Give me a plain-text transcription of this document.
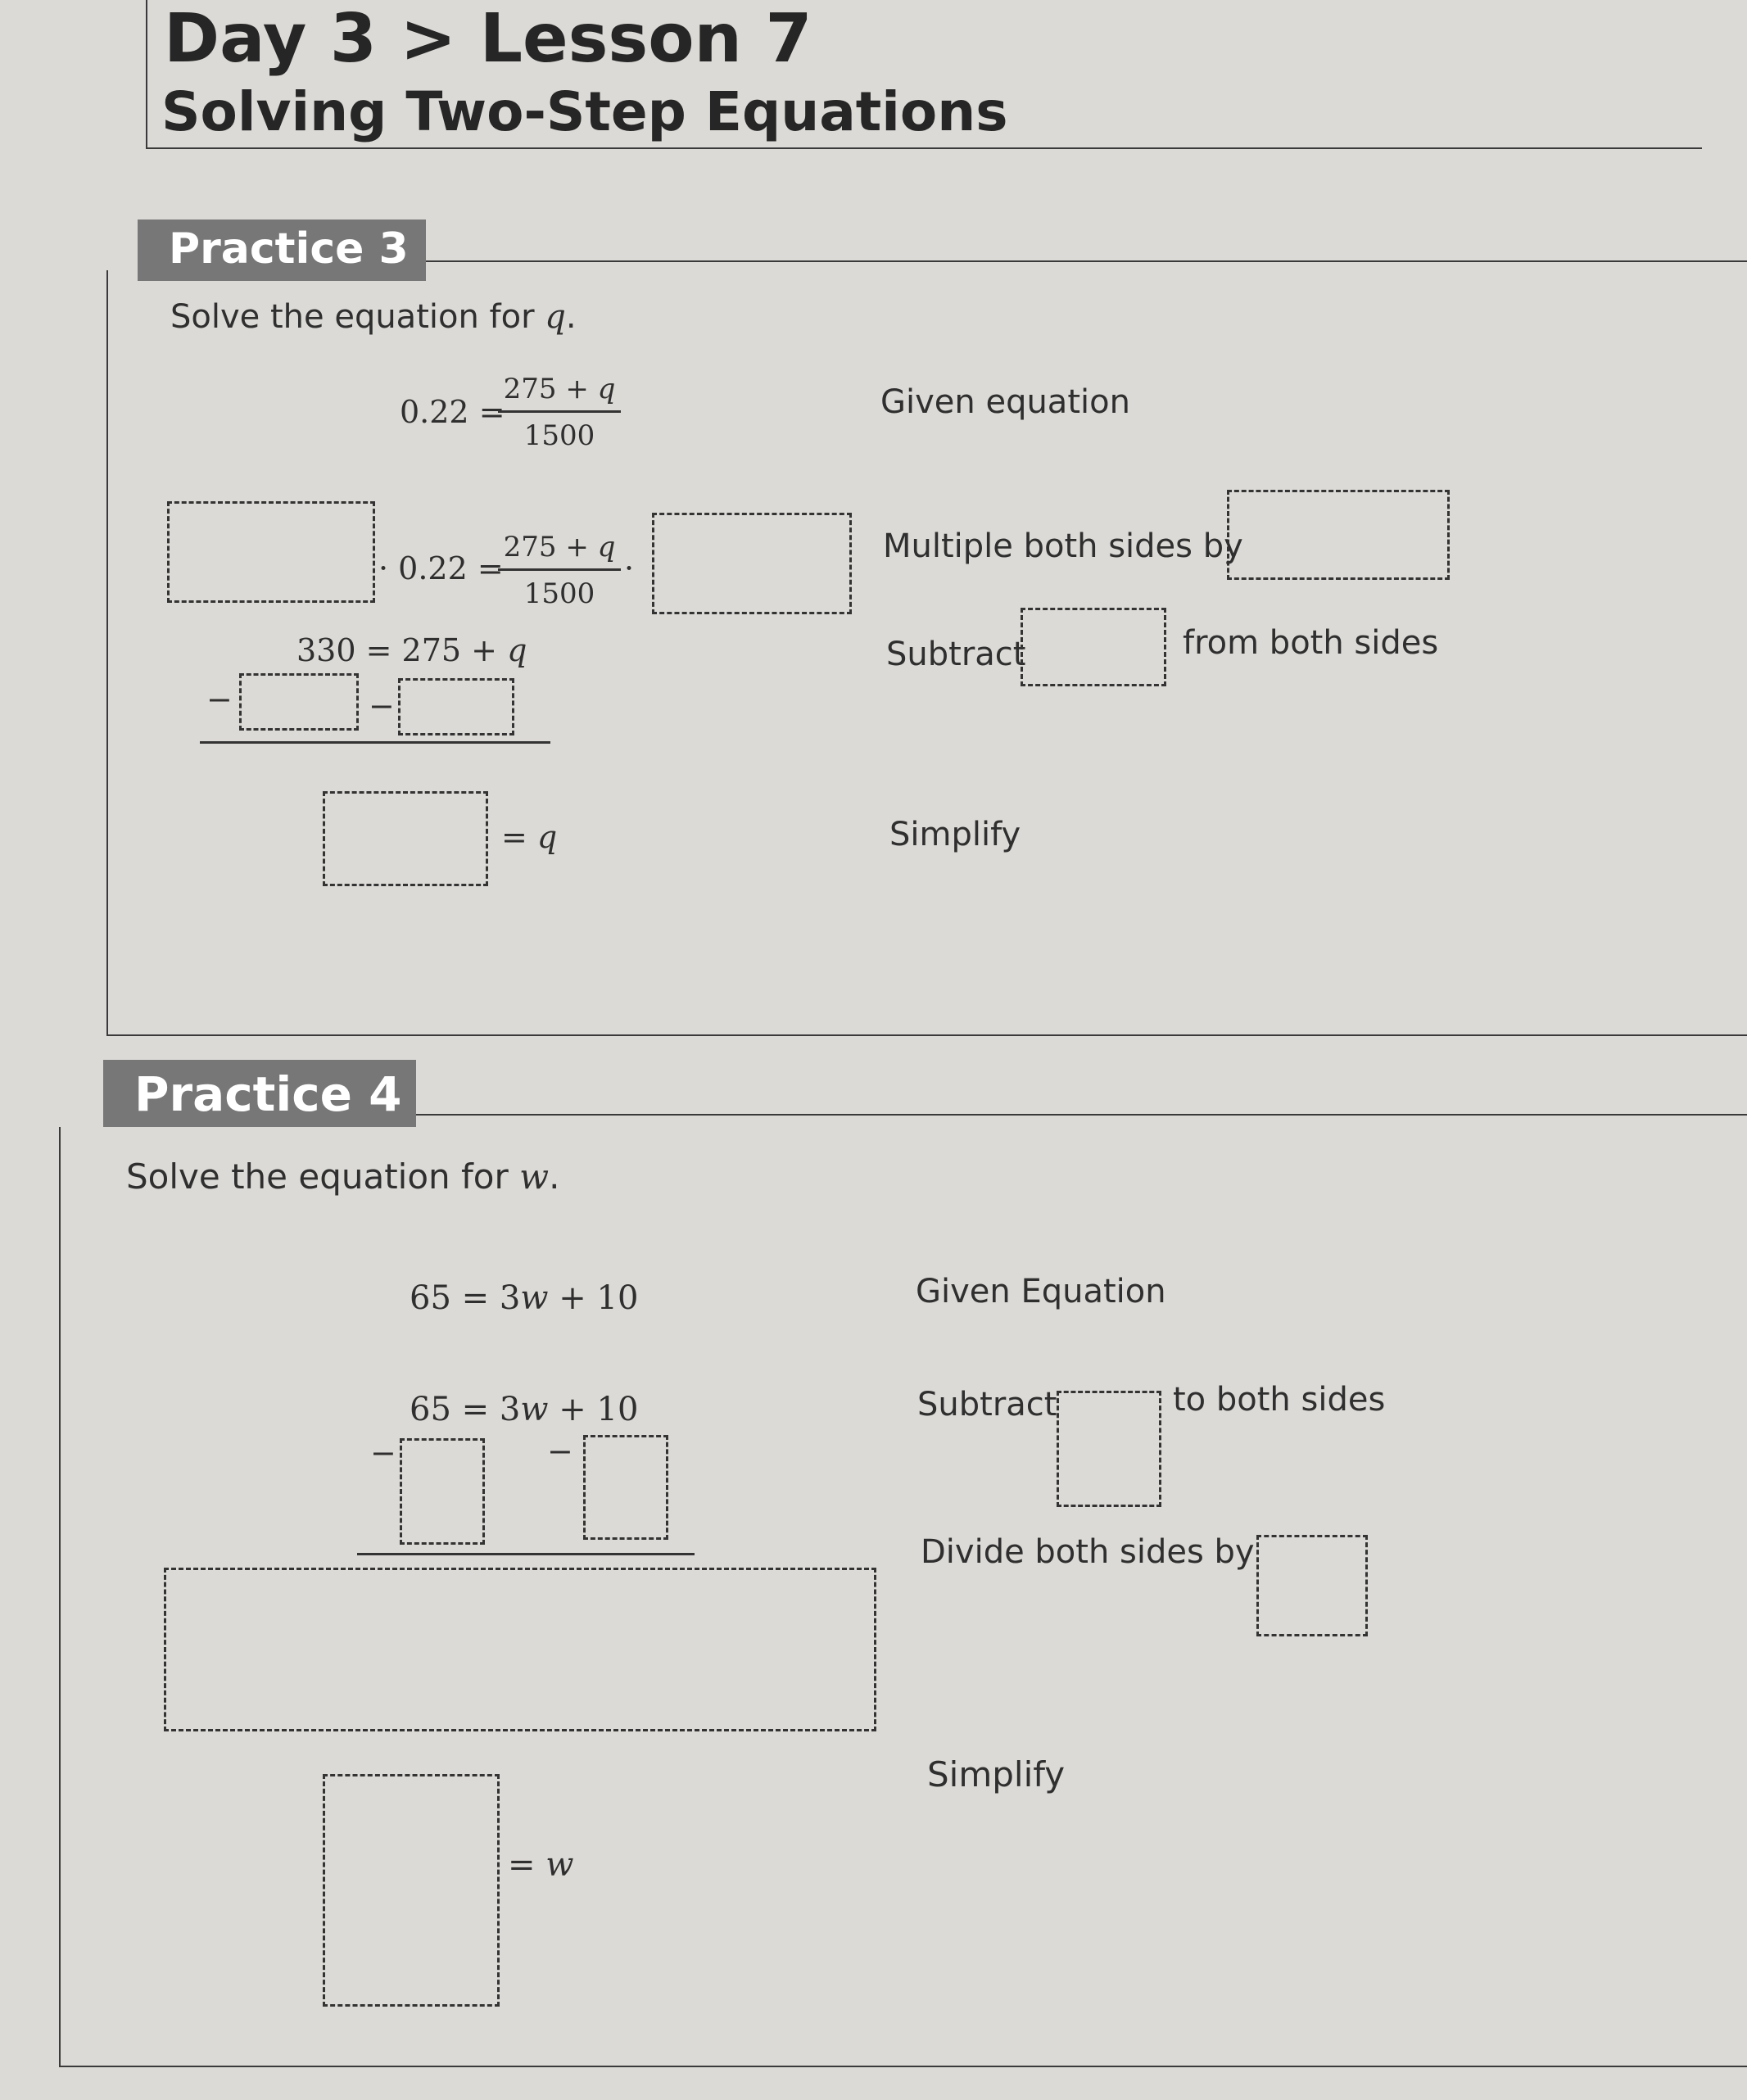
Day 3 > Lesson 7
Solving Two-Step Equations
Practice 3
Solve the equation for q.
0.22 =
$\frac{275 + q}{1500}$	Given equation
· 0.22 =
$\frac{275 + q}{1500}$ ·
Multiple both sides by
330 = 275 + q
−	−
Subtract	from both sides
= q	Simplify
Practice 4
Solve the equation for w.
65 = 3w + 10	Given Equation
65 = 3w + 10
−	−
Subtract	to both sides
Divide both sides by
Simplify
= w
